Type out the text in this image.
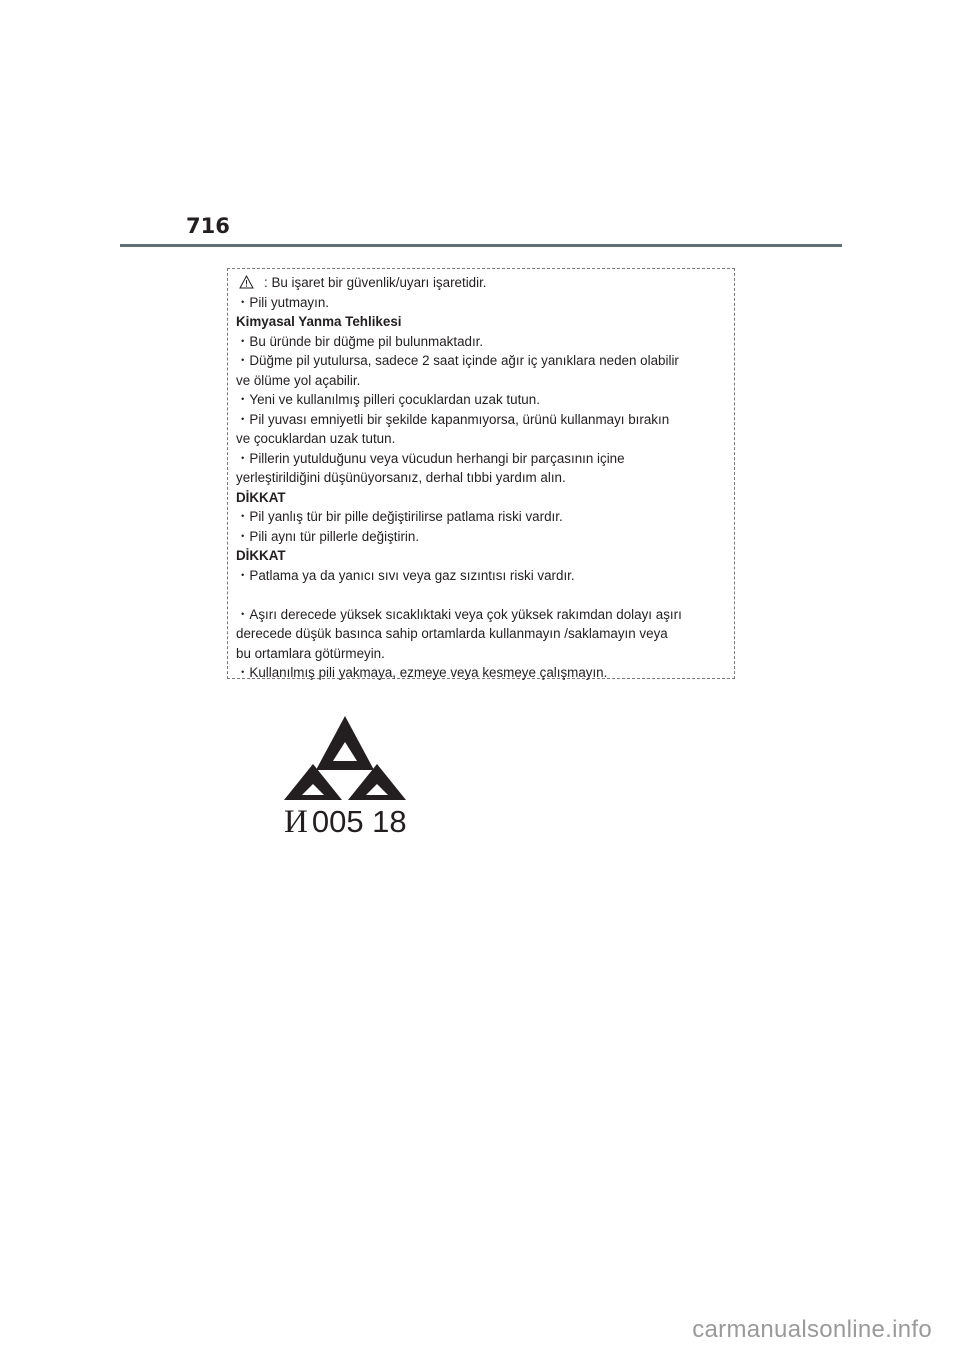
716
: Bu işaret bir güvenlik/uyarı işaretidir.
・Pili yutmayın.
Kimyasal Yanma Tehlikesi
・Bu üründe bir düğme pil bulunmaktadır.
・Düğme pil yutulursa, sadece 2 saat içinde ağır iç yanıklara neden olabilir
ve ölüme yol açabilir.
・Yeni ve kullanılmış pilleri çocuklardan uzak tutun.
・Pil yuvası emniyetli bir şekilde kapanmıyorsa, ürünü kullanmayı bırakın
ve çocuklardan uzak tutun.
・Pillerin yutulduğunu veya vücudun herhangi bir parçasının içine
yerleştirildiğini düşünüyorsanız, derhal tıbbi yardım alın.
DİKKAT
・Pil yanlış tür bir pille değiştirilirse patlama riski vardır.
・Pili aynı tür pillerle değiştirin.
DİKKAT
・Patlama ya da yanıcı sıvı veya gaz sızıntısı riski vardır.
・Aşırı derecede yüksek sıcaklıktaki veya çok yüksek rakımdan dolayı aşırı
derecede düşük basınca sahip ortamlarda kullanmayın /saklamayın veya
bu ortamlara götürmeyin.
・Kullanılmış pili yakmaya, ezmeye veya kesmeye çalışmayın.
И 005 18
carmanualsonline.info
